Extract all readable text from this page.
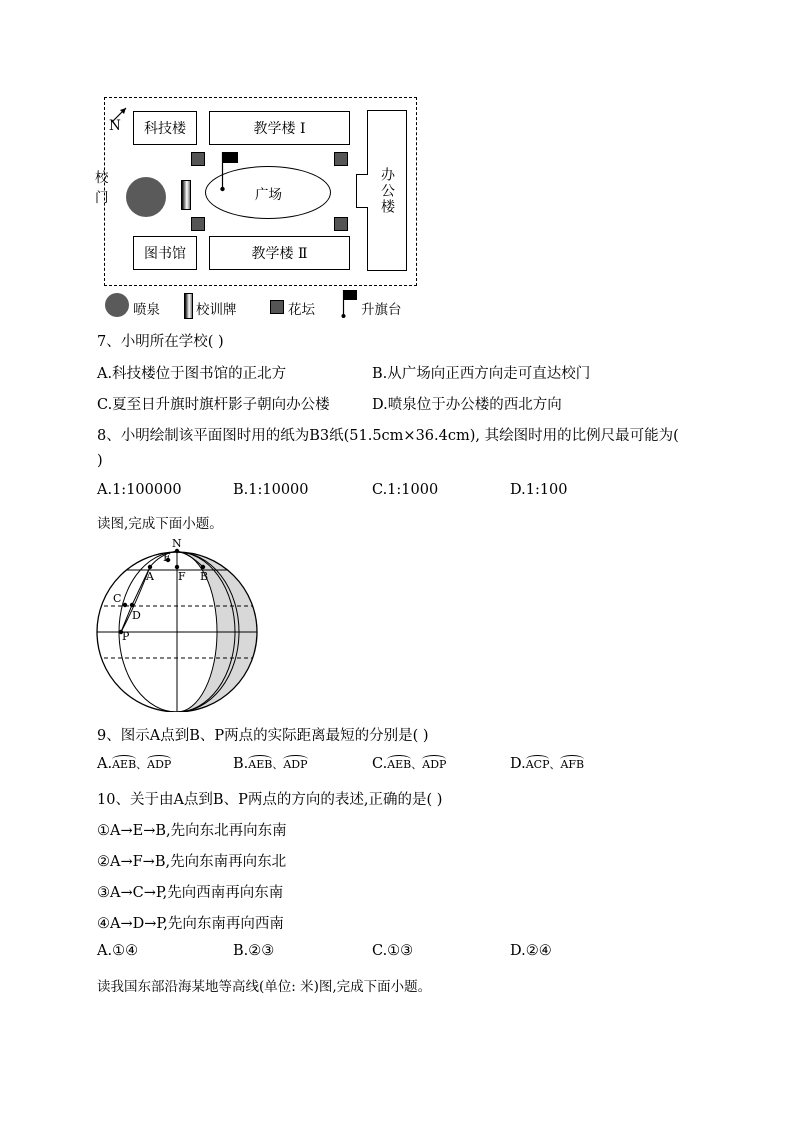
N	科技楼	教学楼 I
图书馆	教学楼 Ⅱ
办公楼
广场
校门
喷泉	校训牌	花坛	升旗台
7、小明所在学校( )
A.科技楼位于图书馆的正北方	B.从广场向正西方向走可直达校门
C.夏至日升旗时旗杆影子朝向办公楼	D.喷泉位于办公楼的西北方向
8、小明绘制该平面图时用的纸为B3纸(51.5cm×36.4cm), 其绘图时用的比例尺最可能为(
)
A.1:100000	B.1:10000	C.1:1000	D.1:100
读图,完成下面小题。
N
E
A F B
C
D
P
9、图示A点到B、P两点的实际距离最短的分别是( )
A.AEB、ADP	B.AEB、ADP	C.AEB、ADP	D.ACP、AFB
10、关于由A点到B、P两点的方向的表述,正确的是( )
①A→E→B,先向东北再向东南
②A→F→B,先向东南再向东北
③A→C→P,先向西南再向东南
④A→D→P,先向东南再向西南
A.①④	B.②③	C.①③	D.②④
读我国东部沿海某地等高线(单位: 米)图,完成下面小题。
